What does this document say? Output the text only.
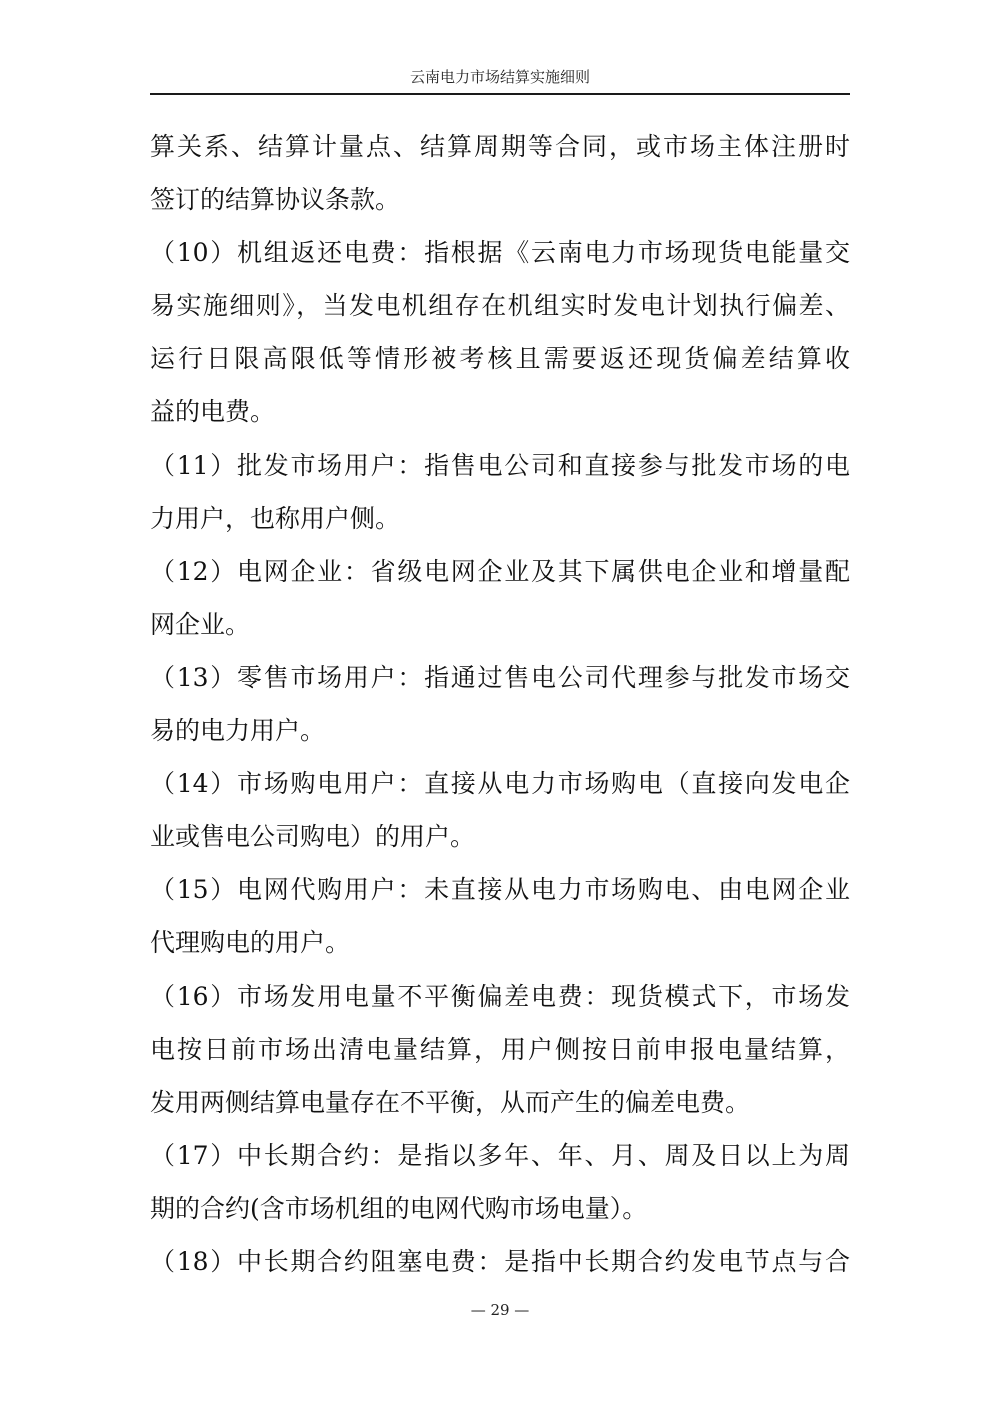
云南电力市场结算实施细则
算关系、结算计量点、结算周期等合同，或市场主体注册时
签订的结算协议条款。
（10）机组返还电费：指根据《云南电力市场现货电能量交
易实施细则》，当发电机组存在机组实时发电计划执行偏差、
运行日限高限低等情形被考核且需要返还现货偏差结算收
益的电费。
（11）批发市场用户：指售电公司和直接参与批发市场的电
力用户，也称用户侧。
（12）电网企业：省级电网企业及其下属供电企业和增量配
网企业。
（13）零售市场用户：指通过售电公司代理参与批发市场交
易的电力用户。
（14）市场购电用户：直接从电力市场购电（直接向发电企
业或售电公司购电）的用户。
（15）电网代购用户：未直接从电力市场购电、由电网企业
代理购电的用户。
（16）市场发用电量不平衡偏差电费：现货模式下，市场发
电按日前市场出清电量结算，用户侧按日前申报电量结算，
发用两侧结算电量存在不平衡，从而产生的偏差电费。
（17）中长期合约：是指以多年、年、月、周及日以上为周
期的合约(含市场机组的电网代购市场电量）。
（18）中长期合约阻塞电费：是指中长期合约发电节点与合
— 29 —
